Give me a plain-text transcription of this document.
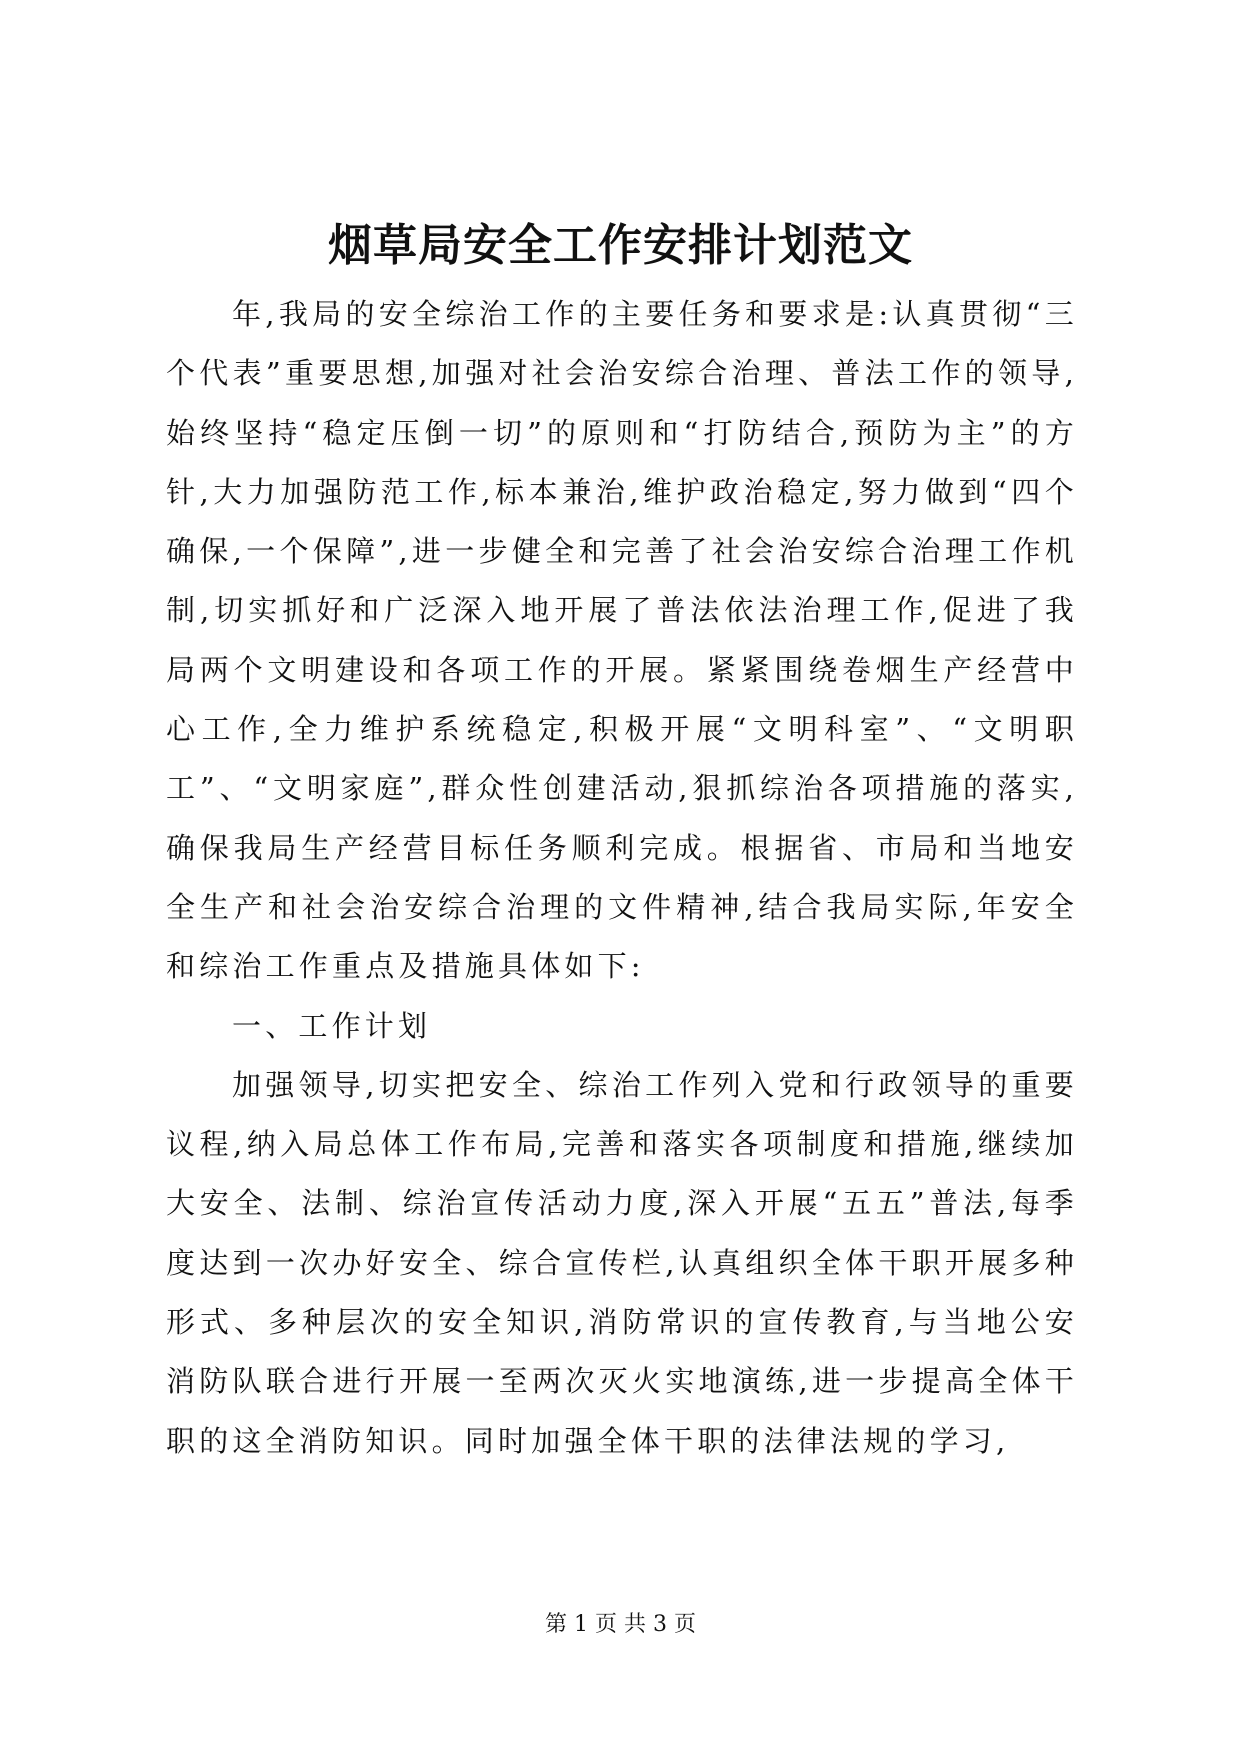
烟草局安全工作安排计划范文

年,我局的安全综治工作的主要任务和要求是:认真贯彻“三个代表”重要思想,加强对社会治安综合治理、普法工作的领导,始终坚持“稳定压倒一切”的原则和“打防结合,预防为主”的方针,大力加强防范工作,标本兼治,维护政治稳定,努力做到“四个确保,一个保障”,进一步健全和完善了社会治安综合治理工作机制,切实抓好和广泛深入地开展了普法依法治理工作,促进了我局两个文明建设和各项工作的开展。紧紧围绕卷烟生产经营中心工作,全力维护系统稳定,积极开展“文明科室”、“文明职工”、“文明家庭”,群众性创建活动,狠抓综治各项措施的落实,确保我局生产经营目标任务顺利完成。根据省、市局和当地安全生产和社会治安综合治理的文件精神,结合我局实际,年安全和综治工作重点及措施具体如下:

一、工作计划

加强领导,切实把安全、综治工作列入党和行政领导的重要议程,纳入局总体工作布局,完善和落实各项制度和措施,继续加大安全、法制、综治宣传活动力度,深入开展“五五”普法,每季度达到一次办好安全、综合宣传栏,认真组织全体干职开展多种形式、多种层次的安全知识,消防常识的宣传教育,与当地公安消防队联合进行开展一至两次灭火实地演练,进一步提高全体干职的这全消防知识。同时加强全体干职的法律法规的学习,

第 1 页 共 3 页
